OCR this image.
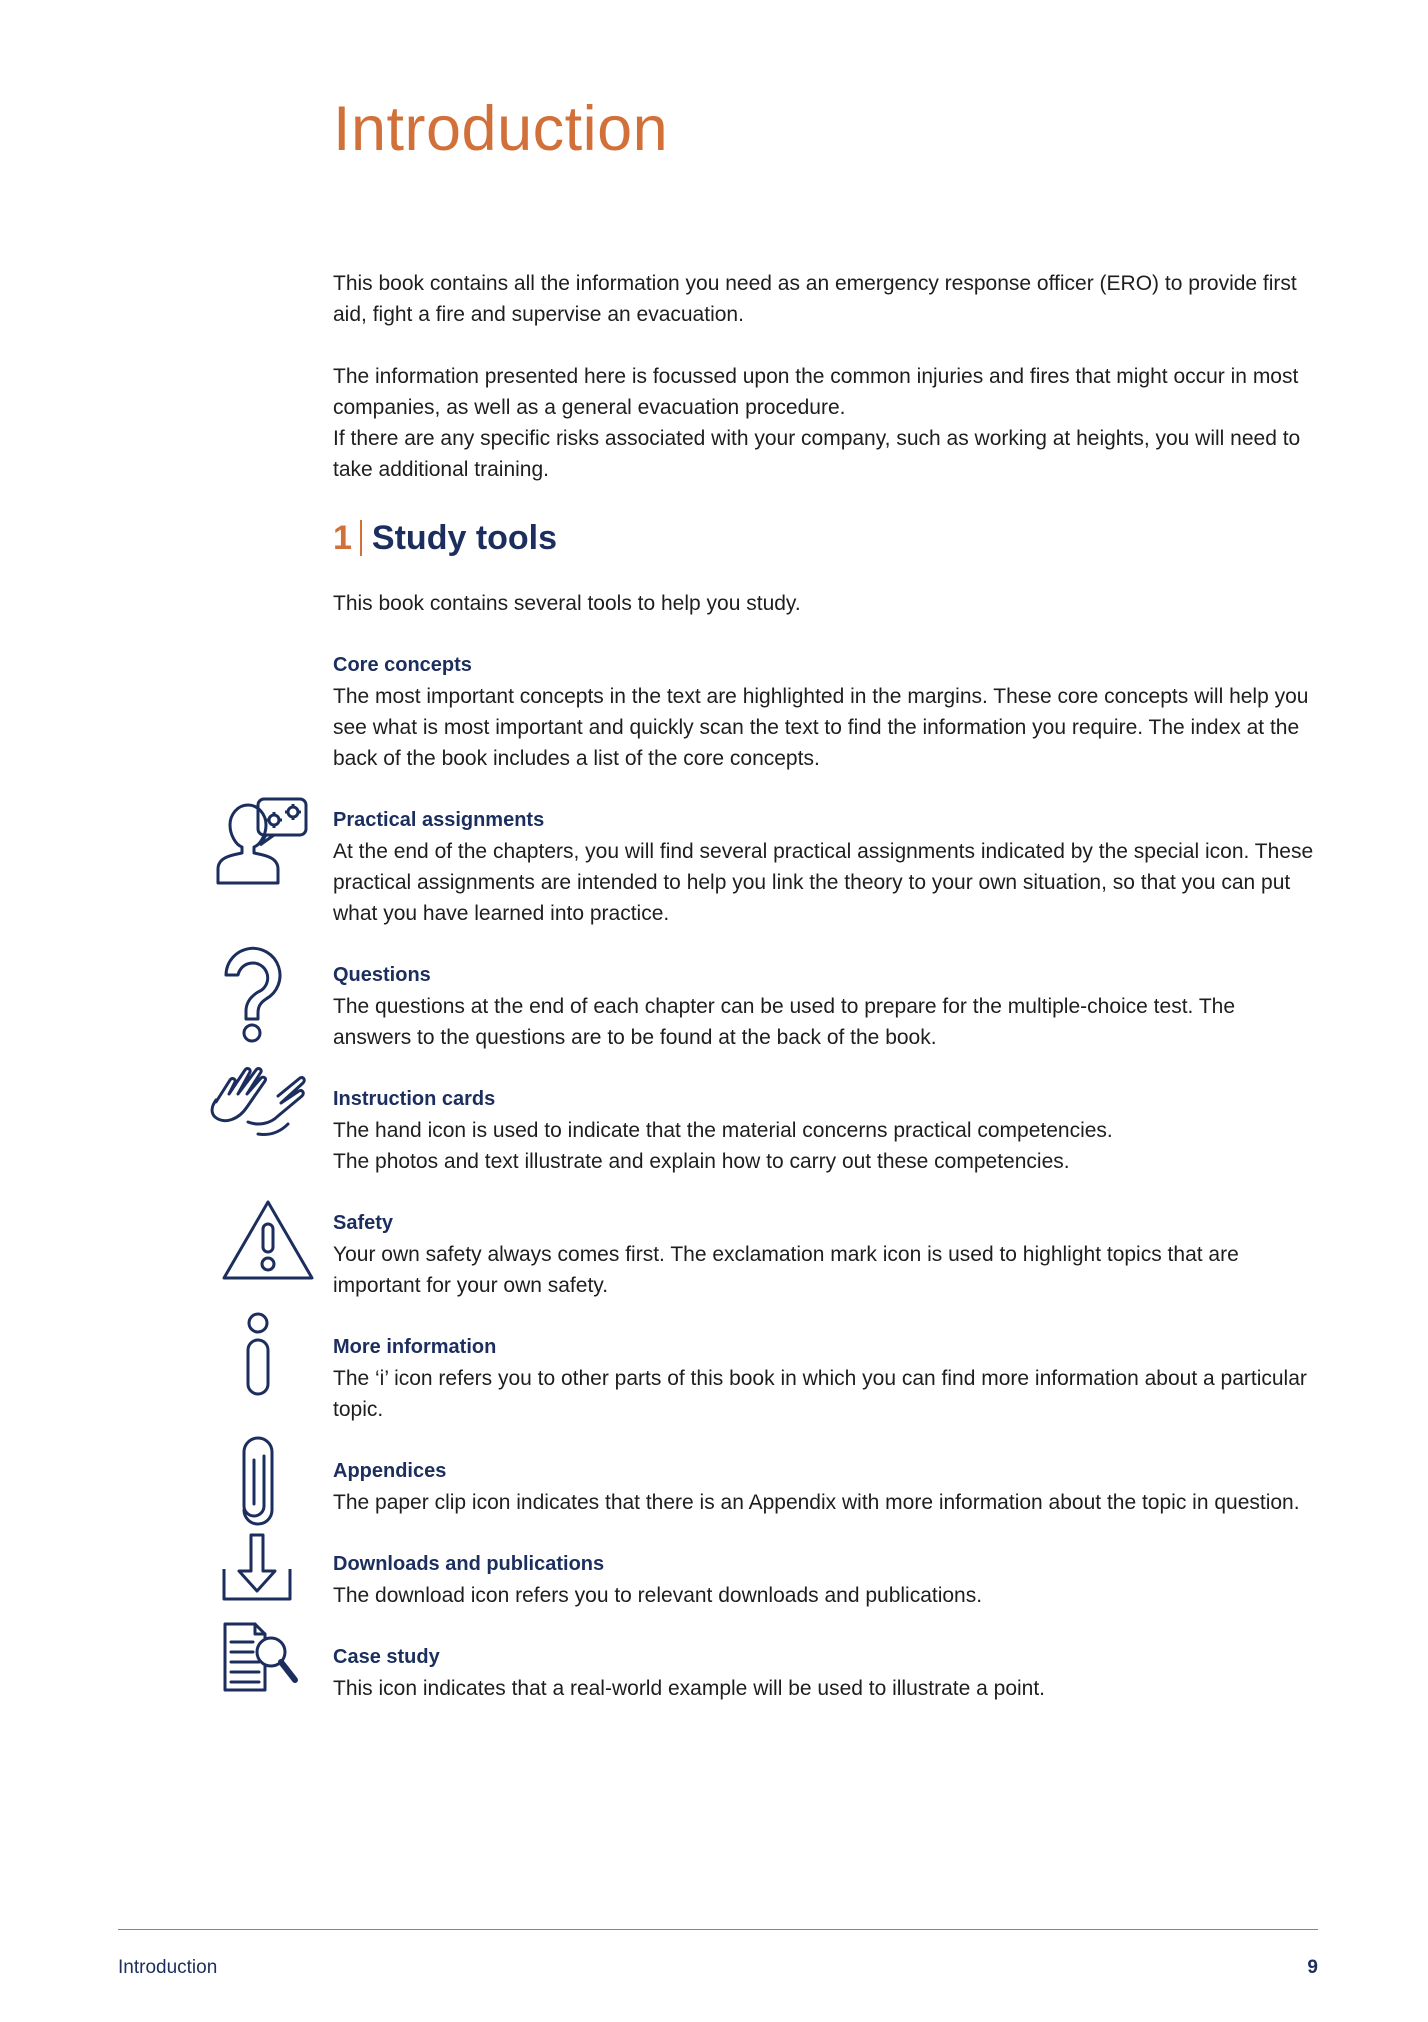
Introduction

This book contains all the information you need as an emergency response officer (ERO) to provide first aid, fight a fire and supervise an evacuation.

The information presented here is focussed upon the common injuries and fires that might occur in most companies, as well as a general evacuation procedure.

If there are any specific risks associated with your company, such as working at heights, you will need to take additional training.

1 Study tools

This book contains several tools to help you study.

Core concepts

The most important concepts in the text are highlighted in the margins. These core concepts will help you see what is most important and quickly scan the text to find the information you require. The index at the back of the book includes a list of the core concepts.

Practical assignments

At the end of the chapters, you will find several practical assignments indicated by the special icon. These practical assignments are intended to help you link the theory to your own situation, so that you can put what you have learned into practice.

Questions

The questions at the end of each chapter can be used to prepare for the multiple-choice test. The answers to the questions are to be found at the back of the book.

Instruction cards

The hand icon is used to indicate that the material concerns practical competencies.

The photos and text illustrate and explain how to carry out these competencies.

Safety

Your own safety always comes first. The exclamation mark icon is used to highlight topics that are important for your own safety.

More information

The ‘i’ icon refers you to other parts of this book in which you can find more information about a particular topic.

Appendices

The paper clip icon indicates that there is an Appendix with more information about the topic in question.

Downloads and publications

The download icon refers you to relevant downloads and publications.

Case study

This icon indicates that a real-world example will be used to illustrate a point.

Introduction	9
